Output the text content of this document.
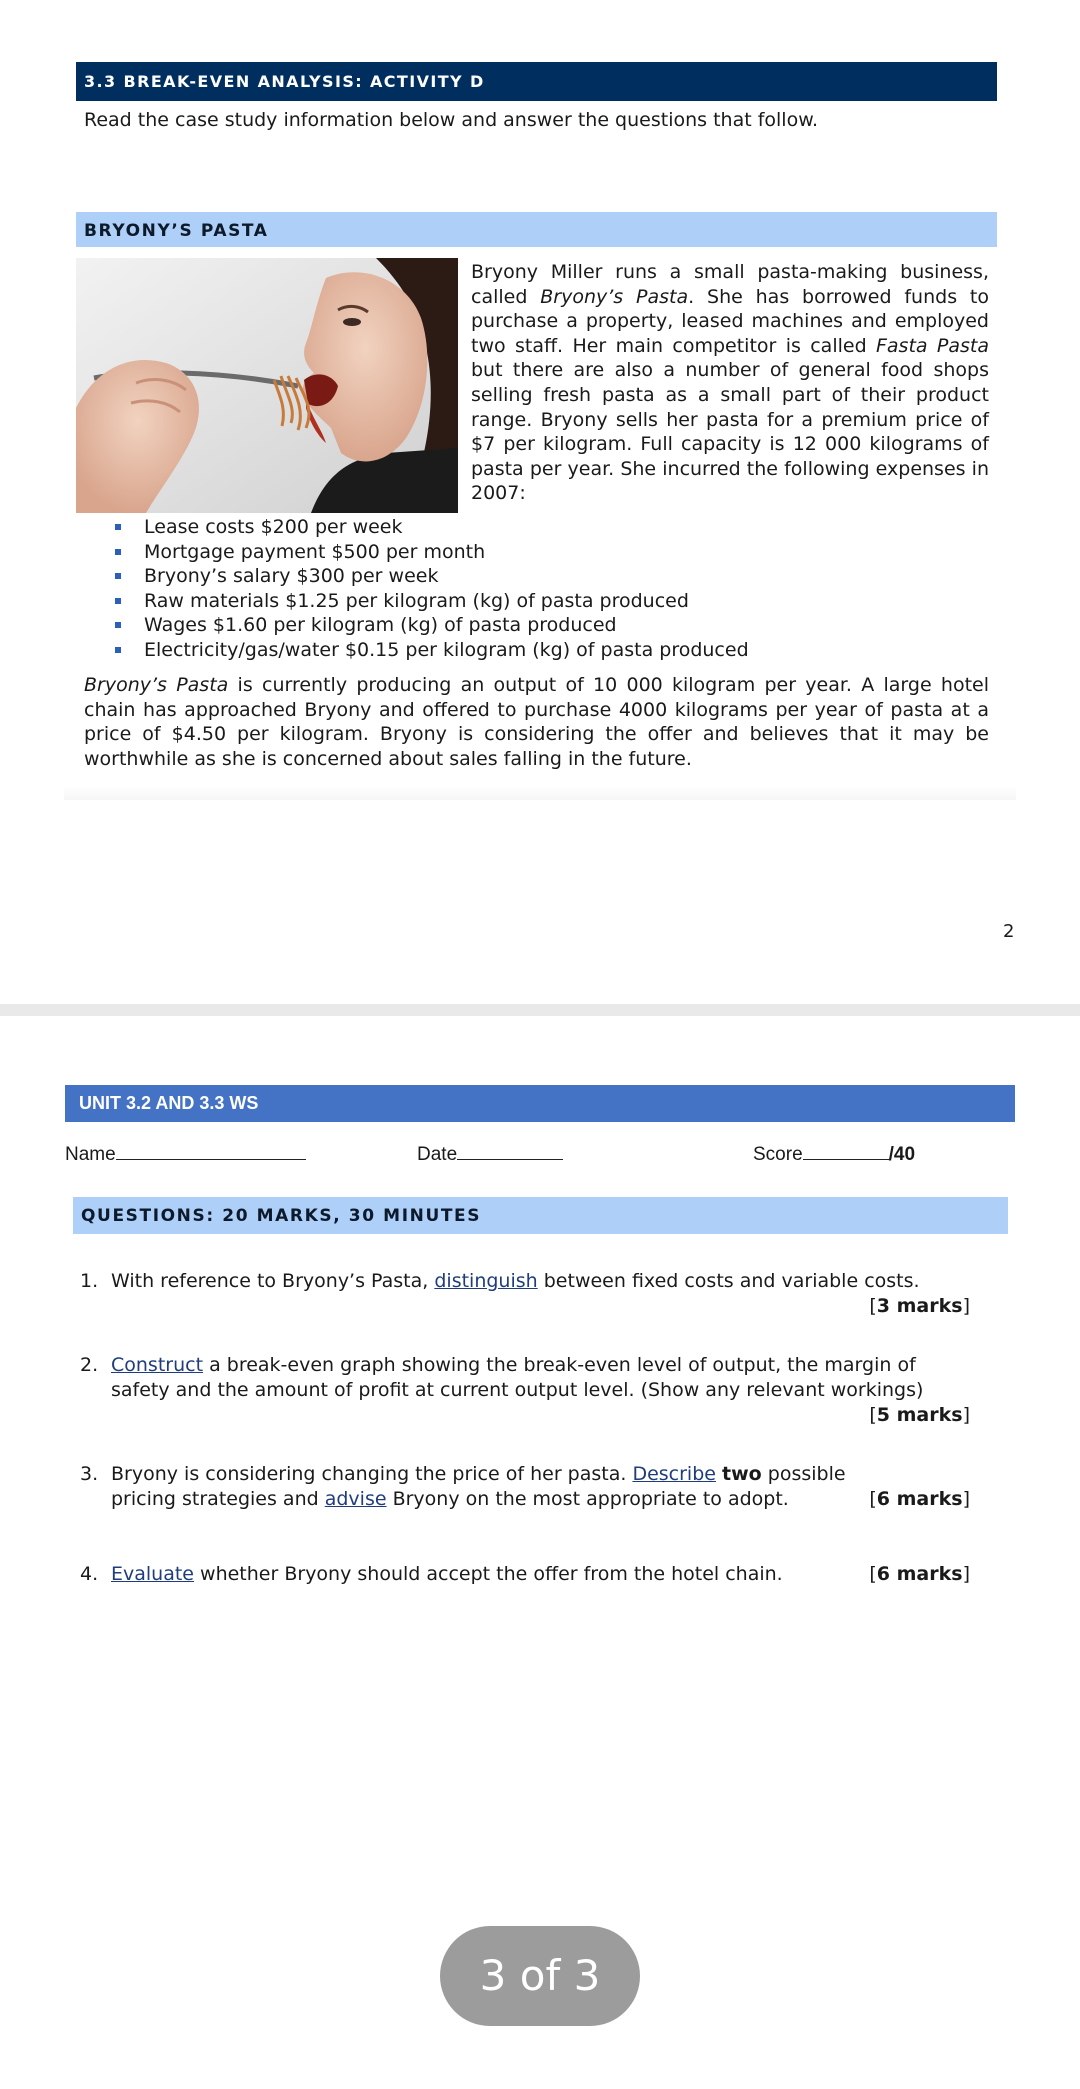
3.3 BREAK-EVEN ANALYSIS: ACTIVITY D
Read the case study information below and answer the questions that follow.
BRYONY’S PASTA
Bryony Miller runs a small pasta-making business, called Bryony’s Pasta. She has borrowed funds to purchase a property, leased machines and employed two staff. Her main competitor is called Fasta Pasta but there are also a number of general food shops selling fresh pasta as a small part of their product range. Bryony sells her pasta for a premium price of $7 per kilogram. Full capacity is 12 000 kilograms of pasta per year. She incurred the following expenses in 2007:
Lease costs $200 per week
Mortgage payment $500 per month
Bryony’s salary $300 per week
Raw materials $1.25 per kilogram (kg) of pasta produced
Wages $1.60 per kilogram (kg) of pasta produced
Electricity/gas/water $0.15 per kilogram (kg) of pasta produced
Bryony’s Pasta is currently producing an output of 10 000 kilogram per year. A large hotel chain has approached Bryony and offered to purchase 4000 kilograms per year of pasta at a price of $4.50 per kilogram. Bryony is considering the offer and believes that it may be worthwhile as she is concerned about sales falling in the future.
2
UNIT 3.2 AND 3.3 WS
Name	Date	Score	/40
QUESTIONS: 20 MARKS, 30 MINUTES
1. With reference to Bryony’s Pasta, distinguish between fixed costs and variable costs.
[3 marks]
2. Construct a break-even graph showing the break-even level of output, the margin of safety and the amount of profit at current output level. (Show any relevant workings)
[5 marks]
3. Bryony is considering changing the price of her pasta. Describe two possible pricing strategies and advise Bryony on the most appropriate to adopt.	[6 marks]
4. Evaluate whether Bryony should accept the offer from the hotel chain.	[6 marks]
3 of 3
